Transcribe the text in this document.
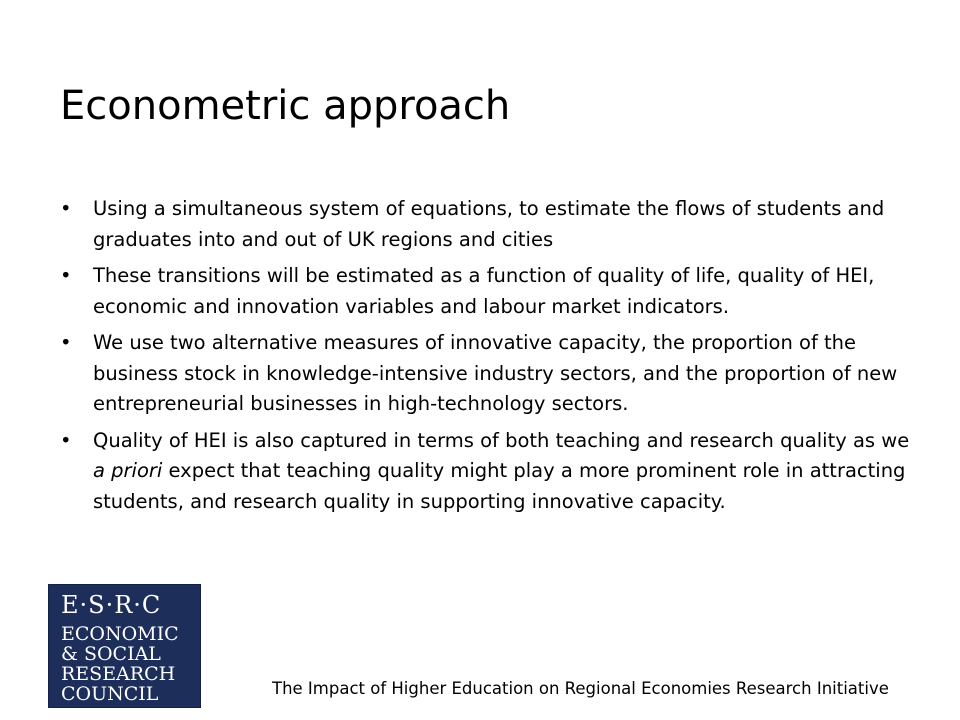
Econometric approach
• Using a simultaneous system of equations, to estimate the flows of students and graduates into and out of UK regions and cities
• These transitions will be estimated as a function of quality of life, quality of HEI, economic and innovation variables and labour market indicators.
• We use two alternative measures of innovative capacity, the proportion of the business stock in knowledge-intensive industry sectors, and the proportion of new entrepreneurial businesses in high-technology sectors.
• Quality of HEI is also captured in terms of both teaching and research quality as we a priori expect that teaching quality might play a more prominent role in attracting students, and research quality in supporting innovative capacity.
E·S·R·C
ECONOMIC
& SOCIAL
RESEARCH
COUNCIL	The Impact of Higher Education on Regional Economies Research Initiative
